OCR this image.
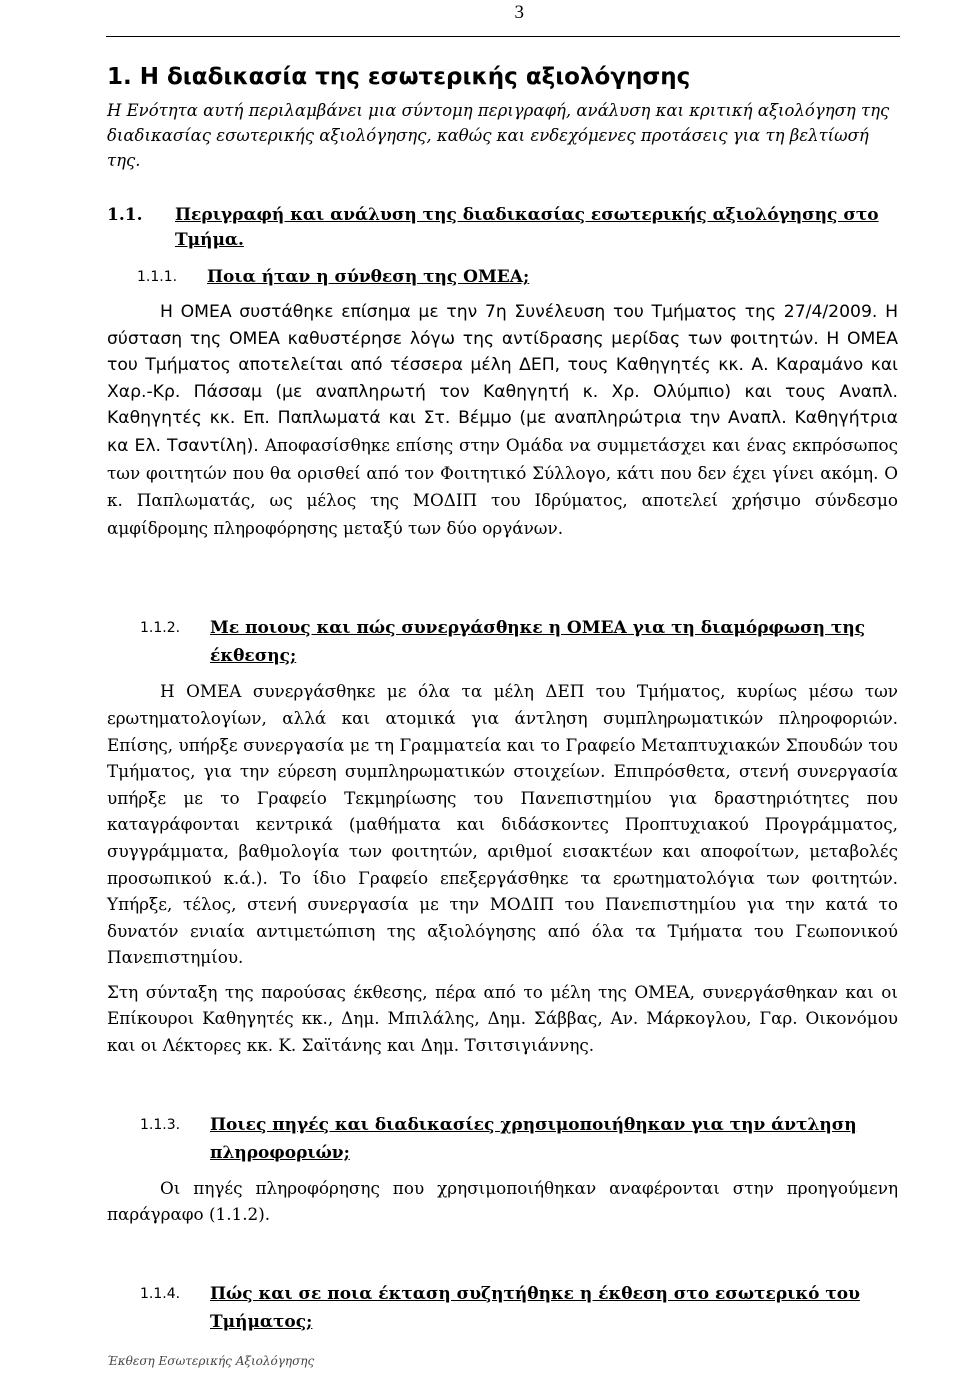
3
1. Η διαδικασία της εσωτερικής αξιολόγησης

Η Ενότητα αυτή περιλαμβάνει μια σύντομη περιγραφή, ανάλυση και κριτική αξιολόγηση της διαδικασίας εσωτερικής αξιολόγησης, καθώς και ενδεχόμενες προτάσεις για τη βελτίωσή της.

1.1.	Περιγραφή και ανάλυση της διαδικασίας εσωτερικής αξιολόγησης στο Τμήμα.
1.1.1.	Ποια ήταν η σύνθεση της ΟΜΕΑ;

Η ΟΜΕΑ συστάθηκε επίσημα με την 7η Συνέλευση του Τμήματος της 27/4/2009. Η σύσταση της ΟΜΕΑ καθυστέρησε λόγω της αντίδρασης μερίδας των φοιτητών. Η ΟΜΕΑ του Τμήματος αποτελείται από τέσσερα μέλη ΔΕΠ, τους Καθηγητές κκ. Α. Καραμάνο και Χαρ.-Κρ. Πάσσαμ (με αναπληρωτή τον Καθηγητή κ. Χρ. Ολύμπιο) και τους Αναπλ. Καθηγητές κκ. Επ. Παπλωματά και Στ. Βέμμο (με αναπληρώτρια την Αναπλ. Καθηγήτρια κα Ελ. Τσαντίλη). Αποφασίσθηκε επίσης στην Ομάδα να συμμετάσχει και ένας εκπρόσωπος των φοιτητών που θα ορισθεί από τον Φοιτητικό Σύλλογο, κάτι που δεν έχει γίνει ακόμη. Ο κ. Παπλωματάς, ως μέλος της ΜΟΔΙΠ του Ιδρύματος, αποτελεί χρήσιμο σύνδεσμο αμφίδρομης πληροφόρησης μεταξύ των δύο οργάνων.

1.1.2.	Με ποιους και πώς συνεργάσθηκε η ΟΜΕΑ για τη διαμόρφωση της έκθεσης;

Η ΟΜΕΑ συνεργάσθηκε με όλα τα μέλη ΔΕΠ του Τμήματος, κυρίως μέσω των ερωτηματολογίων, αλλά και ατομικά για άντληση συμπληρωματικών πληροφοριών. Επίσης, υπήρξε συνεργασία με τη Γραμματεία και το Γραφείο Μεταπτυχιακών Σπουδών του Τμήματος, για την εύρεση συμπληρωματικών στοιχείων. Επιπρόσθετα, στενή συνεργασία υπήρξε με το Γραφείο Τεκμηρίωσης του Πανεπιστημίου για δραστηριότητες που καταγράφονται κεντρικά (μαθήματα και διδάσκοντες Προπτυχιακού Προγράμματος, συγγράμματα, βαθμολογία των φοιτητών, αριθμοί εισακτέων και αποφοίτων, μεταβολές προσωπικού κ.ά.). Το ίδιο Γραφείο επεξεργάσθηκε τα ερωτηματολόγια των φοιτητών. Υπήρξε, τέλος, στενή συνεργασία με την ΜΟΔΙΠ του Πανεπιστημίου για την κατά το δυνατόν ενιαία αντιμετώπιση της αξιολόγησης από όλα τα Τμήματα του Γεωπονικού Πανεπιστημίου.

Στη σύνταξη της παρούσας έκθεσης, πέρα από το μέλη της ΟΜΕΑ, συνεργάσθηκαν και οι Επίκουροι Καθηγητές κκ., Δημ. Μπιλάλης, Δημ. Σάββας, Αν. Μάρκογλου, Γαρ. Οικονόμου και οι Λέκτορες κκ. Κ. Σαϊτάνης και Δημ. Τσιτσιγιάννης.

1.1.3.	Ποιες πηγές και διαδικασίες χρησιμοποιήθηκαν για την άντληση πληροφοριών;

Οι πηγές πληροφόρησης που χρησιμοποιήθηκαν αναφέρονται στην προηγούμενη παράγραφο (1.1.2).

1.1.4.	Πώς και σε ποια έκταση συζητήθηκε η έκθεση στο εσωτερικό του Τμήματος;
Έκθεση Εσωτερικής Αξιολόγησης
